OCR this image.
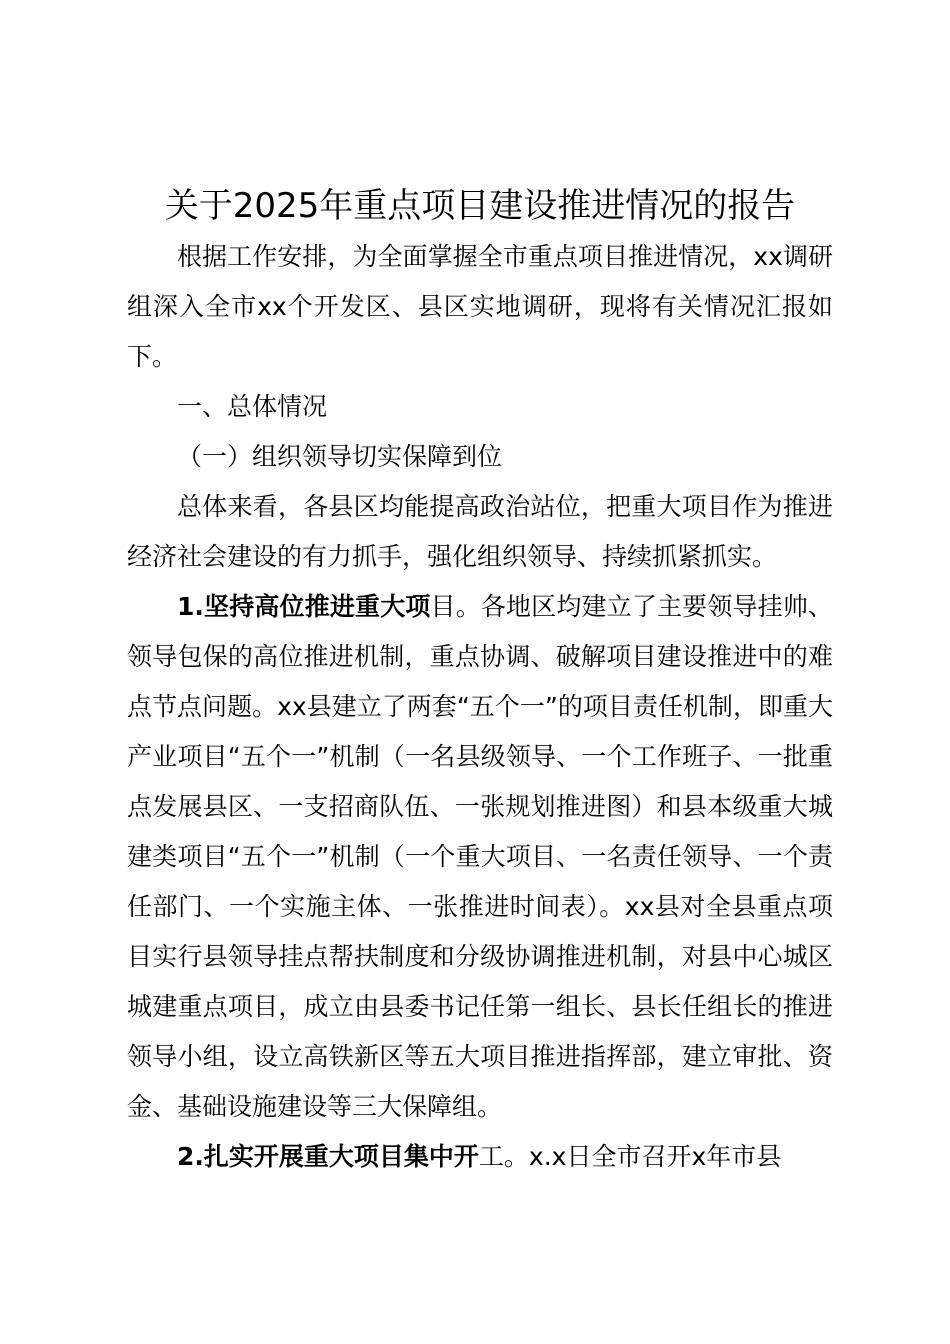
关于2025年重点项目建设推进情况的报告

根据工作安排，为全面掌握全市重点项目推进情况，xx调研组深入全市xx个开发区、县区实地调研，现将有关情况汇报如下。

一、总体情况

（一）组织领导切实保障到位

总体来看，各县区均能提高政治站位，把重大项目作为推进经济社会建设的有力抓手，强化组织领导、持续抓紧抓实。

1.坚持高位推进重大项目。各地区均建立了主要领导挂帅、领导包保的高位推进机制，重点协调、破解项目建设推进中的难点节点问题。xx县建立了两套“五个一”的项目责任机制，即重大产业项目“五个一”机制（一名县级领导、一个工作班子、一批重点发展县区、一支招商队伍、一张规划推进图）和县本级重大城建类项目“五个一”机制（一个重大项目、一名责任领导、一个责任部门、一个实施主体、一张推进时间表）。xx县对全县重点项目实行县领导挂点帮扶制度和分级协调推进机制，对县中心城区城建重点项目，成立由县委书记任第一组长、县长任组长的推进领导小组，设立高铁新区等五大项目推进指挥部，建立审批、资金、基础设施建设等三大保障组。

2.扎实开展重大项目集中开工。x.x日全市召开x年市县
